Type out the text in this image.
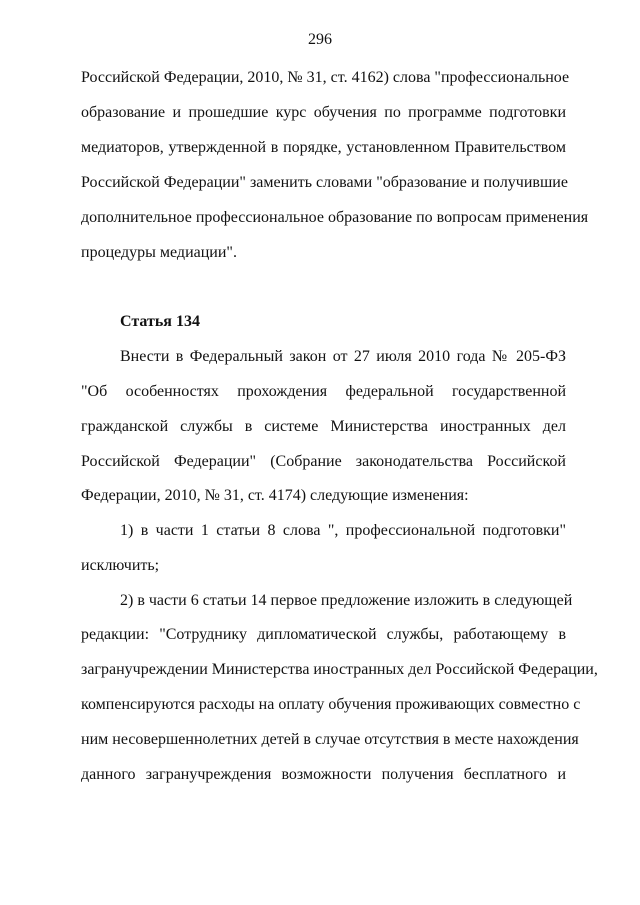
296
Российской Федерации, 2010, № 31, ст. 4162) слова "профессиональное
образование и прошедшие курс обучения по программе подготовки
медиаторов, утвержденной в порядке, установленном Правительством
Российской Федерации" заменить словами "образование и получившие
дополнительное профессиональное образование по вопросам применения
процедуры медиации".
Статья 134
Внести в Федеральный закон от 27 июля 2010 года № 205-ФЗ
"Об особенностях прохождения федеральной государственной
гражданской службы в системе Министерства иностранных дел
Российской Федерации" (Собрание законодательства Российской
Федерации, 2010, № 31, ст. 4174) следующие изменения:
1) в части 1 статьи 8 слова ", профессиональной подготовки"
исключить;
2) в части 6 статьи 14 первое предложение изложить в следующей
редакции: "Сотруднику дипломатической службы, работающему в
загранучреждении Министерства иностранных дел Российской Федерации,
компенсируются расходы на оплату обучения проживающих совместно с
ним несовершеннолетних детей в случае отсутствия в месте нахождения
данного загранучреждения возможности получения бесплатного и
